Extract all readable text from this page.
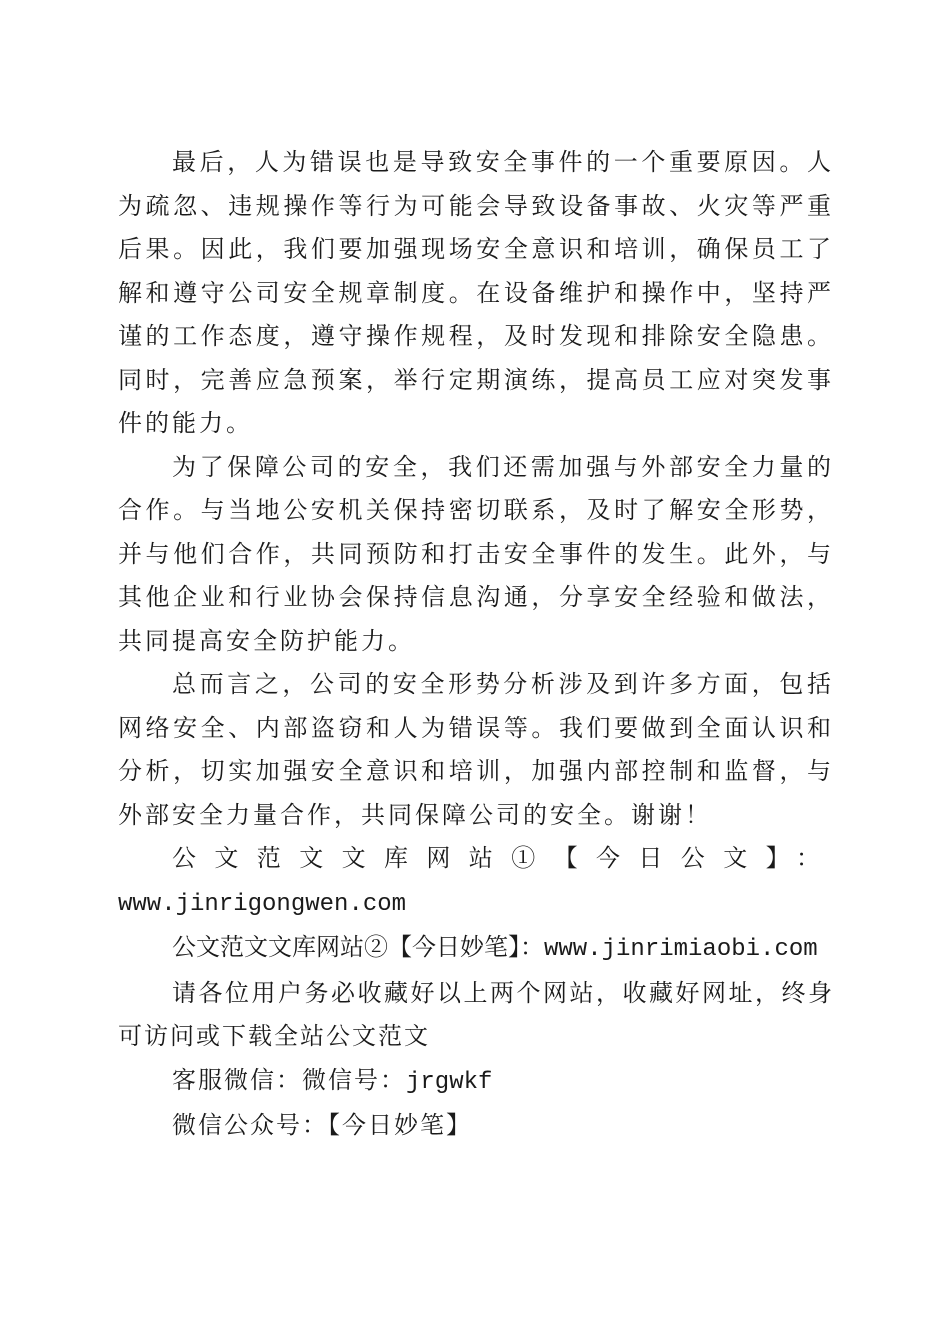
最后，人为错误也是导致安全事件的一个重要原因。人为疏忽、违规操作等行为可能会导致设备事故、火灾等严重后果。因此，我们要加强现场安全意识和培训，确保员工了解和遵守公司安全规章制度。在设备维护和操作中，坚持严谨的工作态度，遵守操作规程，及时发现和排除安全隐患。同时，完善应急预案，举行定期演练，提高员工应对突发事件的能力。

为了保障公司的安全，我们还需加强与外部安全力量的合作。与当地公安机关保持密切联系，及时了解安全形势，并与他们合作，共同预防和打击安全事件的发生。此外，与其他企业和行业协会保持信息沟通，分享安全经验和做法，共同提高安全防护能力。

总而言之，公司的安全形势分析涉及到许多方面，包括网络安全、内部盗窃和人为错误等。我们要做到全面认识和分析，切实加强安全意识和培训，加强内部控制和监督，与外部安全力量合作，共同保障公司的安全。谢谢！

公文范文文库网站①【今日公文】：

www.jinrigongwen.com

公文范文文库网站②【今日妙笔】：www.jinrimiaobi.com

请各位用户务必收藏好以上两个网站，收藏好网址，终身可访问或下载全站公文范文

客服微信：微信号：jrgwkf

微信公众号：【今日妙笔】
